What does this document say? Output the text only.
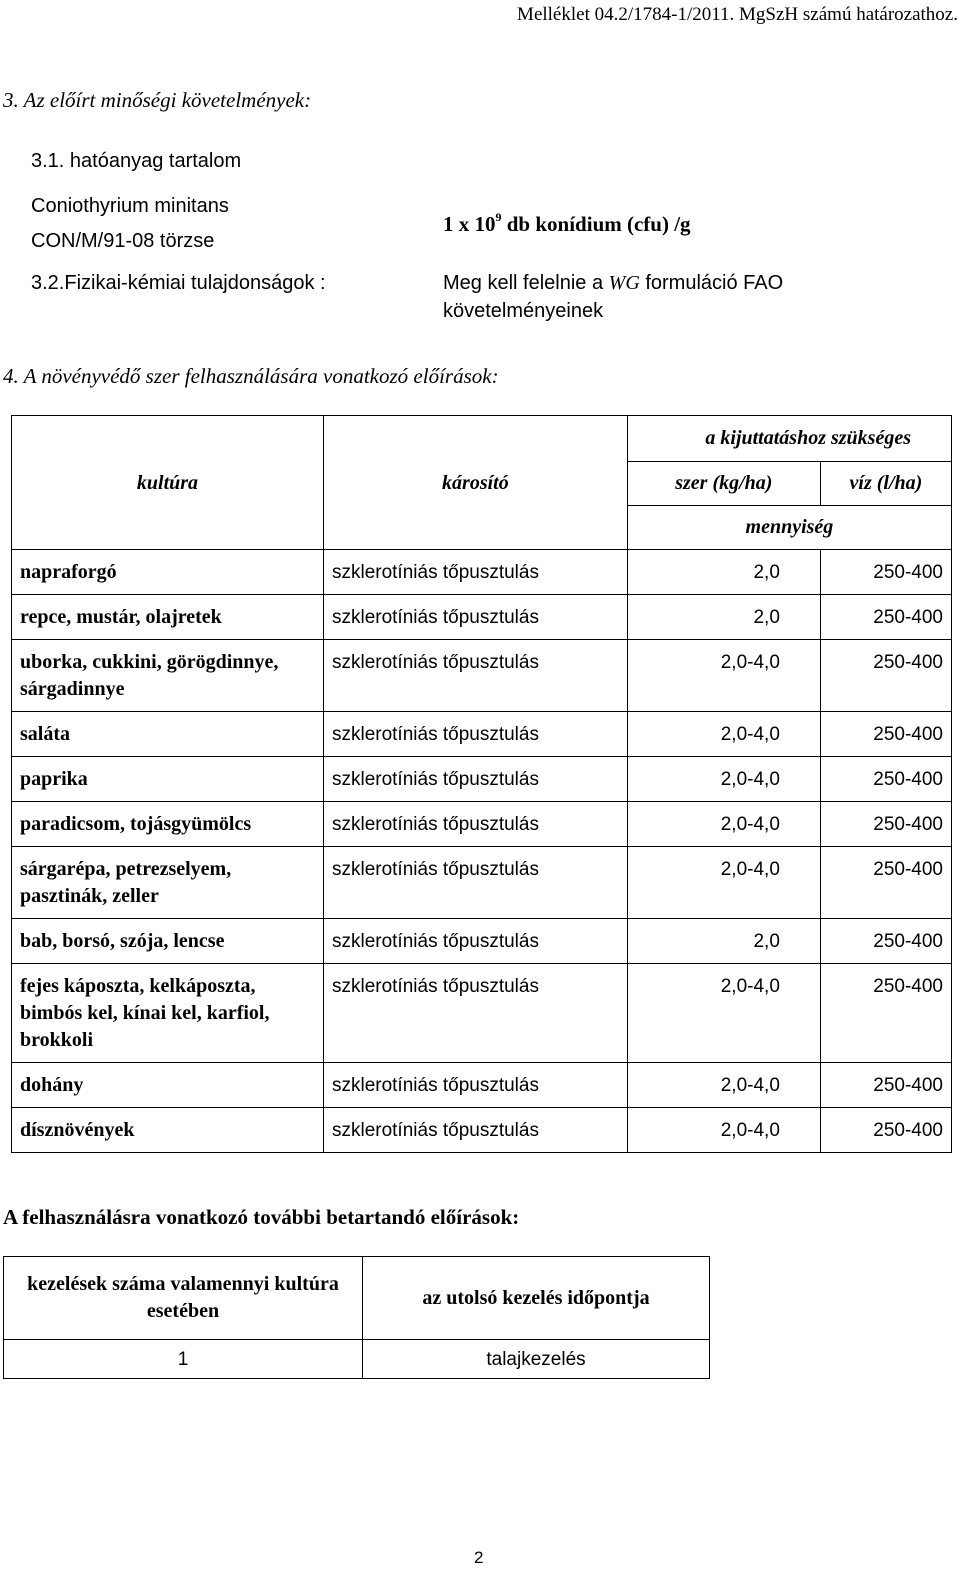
Melléklet 04.2/1784-1/2011. MgSzH számú határozathoz.
3. Az előírt minőségi követelmények:
3.1. hatóanyag tartalom
Coniothyrium minitans
CON/M/91-08 törzse
1 x $10^9$ db konídium (cfu) /g
3.2.Fizikai-kémiai tulajdonságok :	Meg kell felelnie a WG formuláció FAO
követelményeinek
4. A növényvédő szer felhasználására vonatkozó előírások:
		a kijuttatáshoz szükséges	
kultúra	károsító	szer (kg/ha)	víz (l/ha)
		mennyiség	
napraforgó	szklerotíniás tőpusztulás	2,0	250-400
repce, mustár, olajretek	szklerotíniás tőpusztulás	2,0	250-400
uborka, cukkini, görögdinnye, sárgadinnye	szklerotíniás tőpusztulás	2,0-4,0	250-400
saláta	szklerotíniás tőpusztulás	2,0-4,0	250-400
paprika	szklerotíniás tőpusztulás	2,0-4,0	250-400
paradicsom, tojásgyümölcs	szklerotíniás tőpusztulás	2,0-4,0	250-400
sárgarépa, petrezselyem, pasztinák, zeller	szklerotíniás tőpusztulás	2,0-4,0	250-400
bab, borsó, szója, lencse	szklerotíniás tőpusztulás	2,0	250-400
fejes káposzta, kelkáposzta, bimbós kel, kínai kel, karfiol, brokkoli	szklerotíniás tőpusztulás	2,0-4,0	250-400
dohány	szklerotíniás tőpusztulás	2,0-4,0	250-400
dísznövények	szklerotíniás tőpusztulás	2,0-4,0	250-400
A felhasználásra vonatkozó további betartandó előírások:
kezelések száma valamennyi kultúra esetében	az utolsó kezelés időpontja
1	talajkezelés
2
